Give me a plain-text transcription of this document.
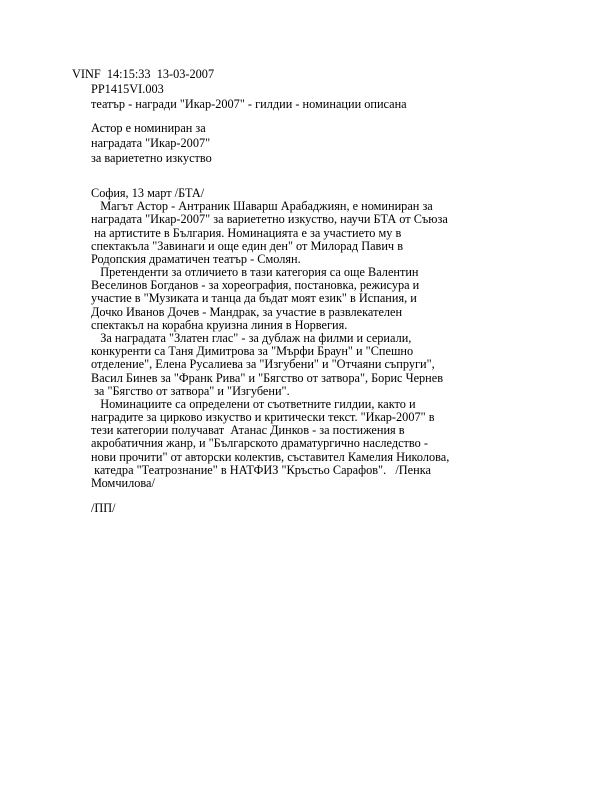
VINF  14:15:33  13-03-2007

PP1415VI.003

театър - награди "Икар-2007" - гилдии - номинации описана

Астор е номиниран за

наградата "Икар-2007"

за вариететно изкуство

София, 13 март /БТА/

Магът Астор - Антраник Шаварш Арабаджиян, е номиниран за

наградата "Икар-2007" за вариететно изкуство, научи БТА от Съюза

на артистите в България. Номинацията е за участието му в

спектакъла "Завинаги и още един ден" от Милорад Павич в

Родопския драматичен театър - Смолян.

Претенденти за отличието в тази категория са още Валентин

Веселинов Богданов - за хореография, постановка, режисура и

участие в "Музиката и танца да бъдат моят език" в Испания, и

Дочко Иванов Дочев - Мандрак, за участие в развлекателен

спектакъл на корабна круизна линия в Норвегия.

За наградата "Златен глас" - за дублаж на филми и сериали,

конкуренти са Таня Димитрова за "Мърфи Браун" и "Спешно

отделение", Елена Русалиева за "Изгубени" и "Отчаяни съпруги",

Васил Бинев за "Франк Рива" и "Бягство от затвора", Борис Чернев

за "Бягство от затвора" и "Изгубени".

Номинациите са определени от съответните гилдии, както и

наградите за цирково изкуство и критически текст. "Икар-2007" в

тези категории получават  Атанас Динков - за постижения в

акробатичния жанр, и "Българското драматургично наследство -

нови прочити" от авторски колектив, съставител Камелия Николова,

катедра "Театрознание" в НАТФИЗ "Кръстьо Сарафов".   /Пенка

Момчилова/

/ПП/
